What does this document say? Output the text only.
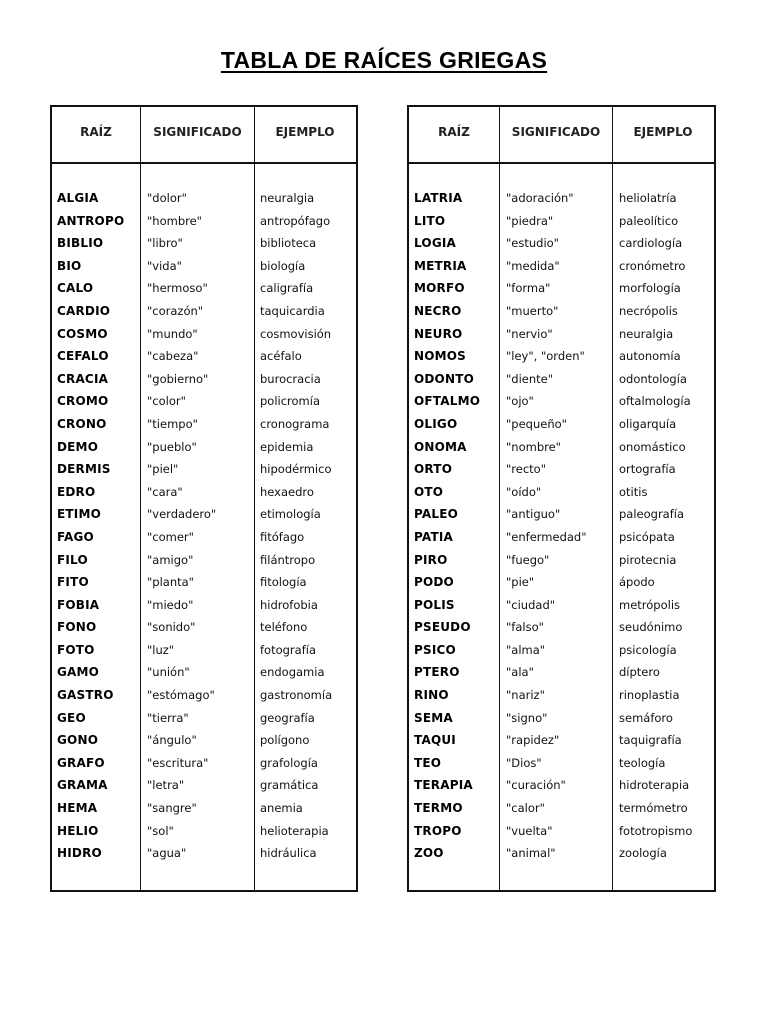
TABLA DE RAÍCES GRIEGAS
RAÍZ	SIGNIFICADO	EJEMPLO
ALGIA	"dolor"	neuralgia
ANTROPO "hombre"	antropófago
BIBLIO	"libro"	biblioteca
BIO	"vida"	biología
CALO	"hermoso"	caligrafía
CARDIO	"corazón"	taquicardia
COSMO	"mundo"	cosmovisión
CEFALO	"cabeza"	acéfalo
CRACIA	"gobierno"	burocracia
CROMO	"color"	policromía
CRONO	"tiempo"	cronograma
DEMO	"pueblo"	epidemia
DERMIS	"piel"	hipodérmico
EDRO	"cara"	hexaedro
ETIMO	"verdadero"	etimología
FAGO	"comer"	fitófago
FILO	"amigo"	filántropo
FITO	"planta"	fitología
FOBIA	"miedo"	hidrofobia
FONO	"sonido"	teléfono
FOTO	"luz"	fotografía
GAMO	"unión"	endogamia
GASTRO	"estómago"	gastronomía
GEO	"tierra"	geografía
GONO	"ángulo"	polígono
GRAFO	"escritura"	grafología
GRAMA	"letra"	gramática
HEMA	"sangre"	anemia
HELIO	"sol"	helioterapia
HIDRO	"agua"	hidráulica
RAÍZ	SIGNIFICADO	EJEMPLO
LATRIA	"adoración"	heliolatría
LITO	"piedra"	paleolítico
LOGIA	"estudio"	cardiología
METRIA	"medida"	cronómetro
MORFO	"forma"	morfología
NECRO	"muerto"	necrópolis
NEURO	"nervio"	neuralgia
NOMOS	"ley", "orden"	autonomía
ODONTO	"diente"	odontología
OFTALMO "ojo"	oftalmología
OLIGO	"pequeño"	oligarquía
ONOMA	"nombre"	onomástico
ORTO	"recto"	ortografía
OTO	"oído"	otitis
PALEO	"antiguo"	paleografía
PATIA	"enfermedad"	psicópata
PIRO	"fuego"	pirotecnia
PODO	"pie"	ápodo
POLIS	"ciudad"	metrópolis
PSEUDO	"falso"	seudónimo
PSICO	"alma"	psicología
PTERO	"ala"	díptero
RINO	"nariz"	rinoplastia
SEMA	"signo"	semáforo
TAQUI	"rapidez"	taquigrafía
TEO	"Dios"	teología
TERAPIA	"curación"	hidroterapia
TERMO	"calor"	termómetro
TROPO	"vuelta"	fototropismo
ZOO	"animal"	zoología
